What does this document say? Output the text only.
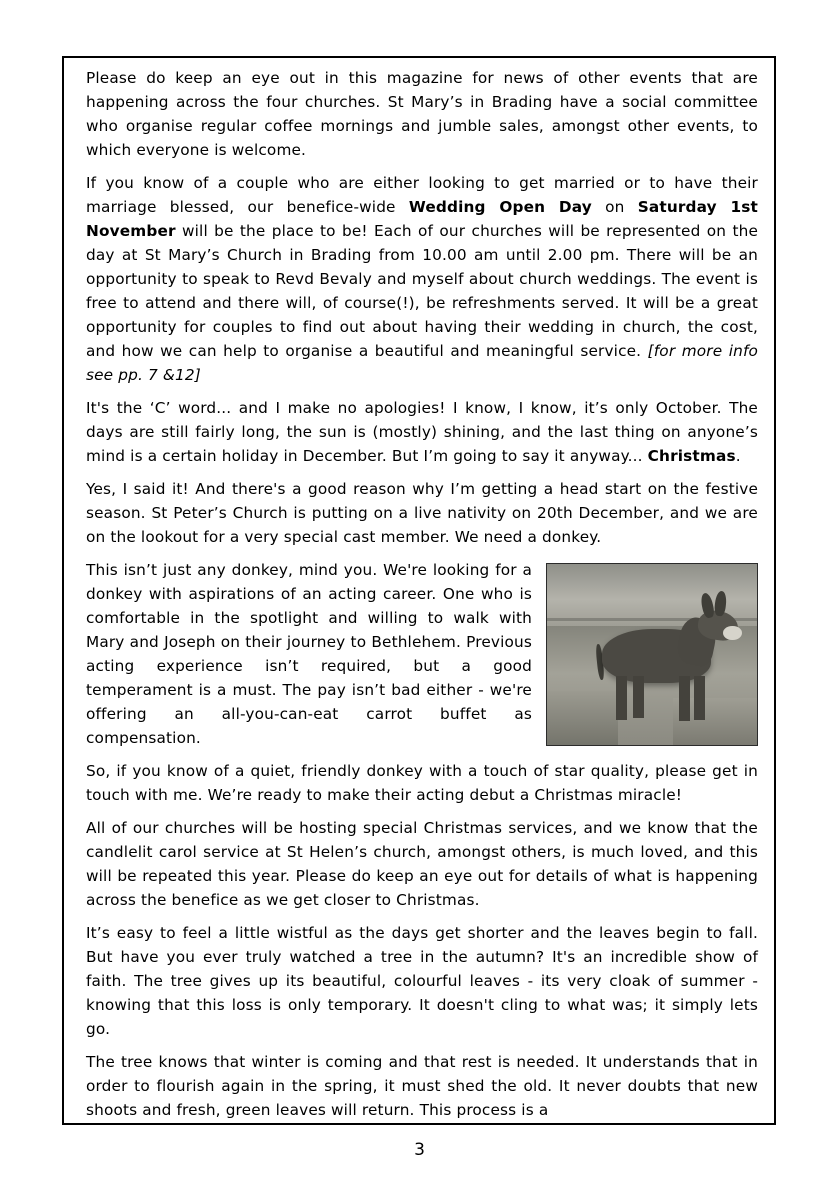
Please do keep an eye out in this magazine for news of other events that are happening across the four churches. St Mary’s in Brading have a social committee who organise regular coffee mornings and jumble sales, amongst other events, to which everyone is welcome.

If you know of a couple who are either looking to get married or to have their marriage blessed, our benefice-wide Wedding Open Day on Saturday 1st November will be the place to be! Each of our churches will be represented on the day at St Mary’s Church in Brading from 10.00 am until 2.00 pm. There will be an opportunity to speak to Revd Bevaly and myself about church weddings. The event is free to attend and there will, of course(!), be refreshments served. It will be a great opportunity for couples to find out about having their wedding in church, the cost, and how we can help to organise a beautiful and meaningful service. [for more info see pp. 7 &12]

It's the ‘C’ word... and I make no apologies! I know, I know, it’s only October. The days are still fairly long, the sun is (mostly) shining, and the last thing on anyone’s mind is a certain holiday in December. But I’m going to say it anyway... Christmas.

Yes, I said it! And there's a good reason why I’m getting a head start on the festive season. St Peter’s Church is putting on a live nativity on 20th December, and we are on the lookout for a very special cast member. We need a donkey.

This isn’t just any donkey, mind you. We're looking for a donkey with aspirations of an acting career. One who is comfortable in the spotlight and willing to walk with Mary and Joseph on their journey to Bethlehem. Previous acting experience isn’t required, but a good temperament is a must. The pay isn’t bad either - we're offering an all-you-can-eat carrot buffet as compensation.

So, if you know of a quiet, friendly donkey with a touch of star quality, please get in touch with me. We’re ready to make their acting debut a Christmas miracle!

All of our churches will be hosting special Christmas services, and we know that the candlelit carol service at St Helen’s church, amongst others, is much loved, and this will be repeated this year. Please do keep an eye out for details of what is happening across the benefice as we get closer to Christmas.

It’s easy to feel a little wistful as the days get shorter and the leaves begin to fall. But have you ever truly watched a tree in the autumn? It's an incredible show of faith. The tree gives up its beautiful, colourful leaves - its very cloak of summer - knowing that this loss is only temporary. It doesn't cling to what was; it simply lets go.

The tree knows that winter is coming and that rest is needed. It understands that in order to flourish again in the spring, it must shed the old. It never doubts that new shoots and fresh, green leaves will return. This process is a

3
